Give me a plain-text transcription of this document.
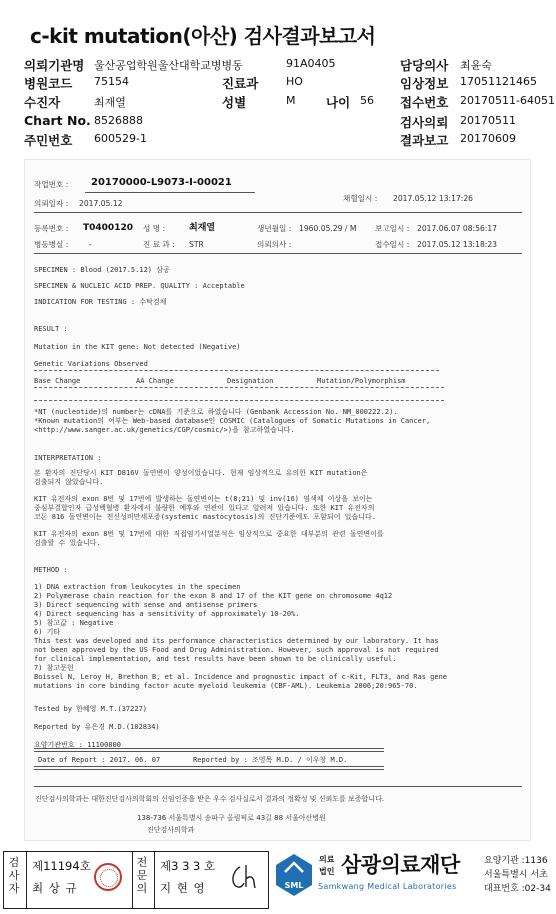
c-kit mutation(아산) 검사결과보고서
의뢰기관명 울산공업학원울산대학교병병동	91A0405	담당의사 최윤숙
병원코드 75154	진료과	HO	임상정보 17051121465
수진자	최재열	성별	M 나이 56 접수번호 20170511-64051
Chart No. 8526888	검사의뢰 20170511
주민번호 600529-1	결과보고 20170609
작업번호 : 20170000-L9073-I-00021
의뢰일자 : 2017.05.12
채혈일시 : 2017.05.12 13:17:26
등록번호 : T0400120 성 명 :	최재열	생년월일 : 1960.05.29 / M 보고일시 : 2017.06.07 08:56:17
병동병실 :	-	진 료 과 : STR	의뢰의사 :	접수일시 : 2017.05.12 13:18:23
SPECIMEN : Blood (2017.5.12) 삼공
SPECIMEN & NUCLEIC ACID PREP. QUALITY : Acceptable
INDICATION FOR TESTING : 수탁검체
RESULT :
Mutation in the KIT gene: Not detected (Negative)
Genetic Variations Observed
Base Change	AA Change	Designation	Mutation/Polymorphism
*NT (nucleotide)의 number는 cDNA를 기준으로 하였습니다 (Genbank Accession No. NM_000222.2).
*Known mutation의 여부는 Web-based database인 COSMIC (Catalogues of Somatic Mutations in Cancer,
<http://www.sanger.ac.uk/genetics/CGP/cosmic/>)을 참고하였습니다.
INTERPRETATION :
본 환자의 진단당시 KIT D816V 돌연변이 양성이었습니다. 현재 임상적으로 유의한 KIT mutation은
검출되지 않았습니다.
KIT 유전자의 exon 8번 및 17번에 발생하는 돌연변이는 t(8;21) 및 inv(16) 염색체 이상을 보이는
중심부결합인자 급성백혈병 환자에서 불량한 예후와 연관이 있다고 알려져 있습니다. 또한 KIT 유전자의
코돈 816 돌연변이는 전신성비만세포증(systemic mastocytosis)의 진단기준에도 포함되어 있습니다.
KIT 유전자의 exon 8번 및 17번에 대한 직접염기서열분석은 임상적으로 중요한 대부분의 관련 돌연변이를
검출할 수 있습니다.
METHOD :
1) DNA extraction from leukocytes in the specimen
2) Polymerase chain reaction for the exon 8 and 17 of the KIT gene on chromosome 4q12
3) Direct sequencing with sense and antisense primers
4) Direct sequencing has a sensitivity of approximately 10-20%.
5) 참고값 : Negative
6) 기타
This test was developed and its performance characteristics determined by our laboratory. It has
not been approved by the US Food and Drug Administration. However, such approval is not required
for clinical implementation, and test results have been shown to be clinically useful.
7) 참고문헌
Boissel N, Leroy H, Brethon B, et al. Incidence and prognostic impact of c-Kit, FLT3, and Ras gene
mutations in core binding factor acute myeloid leukemia (CBF-AML). Leukemia 2006;20:965-70.
Tested by 한혜영 M.T.(37227)
Reported by 유은경 M.D.(102834)
요양기관번호 : 11100800
Date of Report : 2017. 06. 07	Reported by : 조영목 M.D. / 이우창 M.D.
진단검사의학과는 대한진단검사의학회의 신임인증을 받은 우수 검사실로서 결과의 정확성 및 신뢰도를 보증합니다.
138-736 서울특별시 송파구 올림픽로 43길 88 서울아산병원
진단검사의학과
검사자
제11194호
최 상 규
전문의
제3 3 3 호
지 현 영	SML
의료
법인 삼광의료재단
Samkwang Medical Laboratories
요양기관 :1136
서울특별시 서초
대표번호 :02-34
